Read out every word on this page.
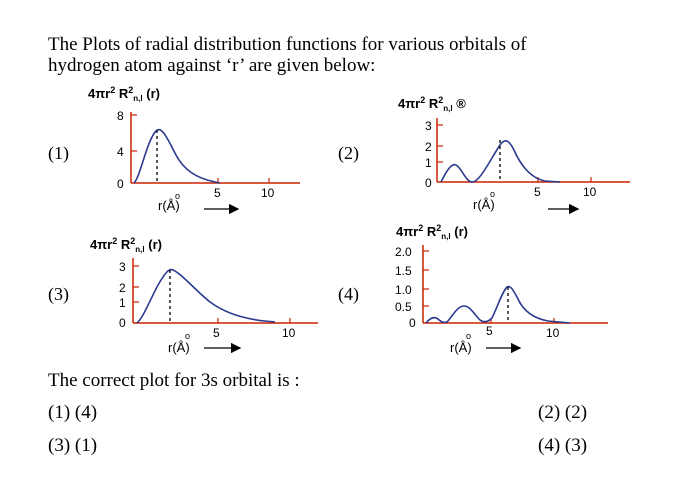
The Plots of radial distribution functions for various orbitals of
hydrogen atom against ‘r’ are given below:
(1)	(2)
(3)	(4)
$4\pi r^2$ $R^2_{n,l}$ (r)
8
4
0
5	10
o
r(Å)
$4\pi r^2$ $R^2_{n,l}$ ®
3
2
1
0
5	10
o
r(Å)
$4\pi r^2$ $R^2_{n,l}$ (r)
3
2
1
0
5	10
o
r(Å)
$4\pi r^2$ $R^2_{n,l}$ (r)
2.0
1.5
1.0
0.5
0
5	10
o
r(Å)
The correct plot for 3s orbital is :
(1) (4)	(2) (2)
(3) (1)	(4) (3)
